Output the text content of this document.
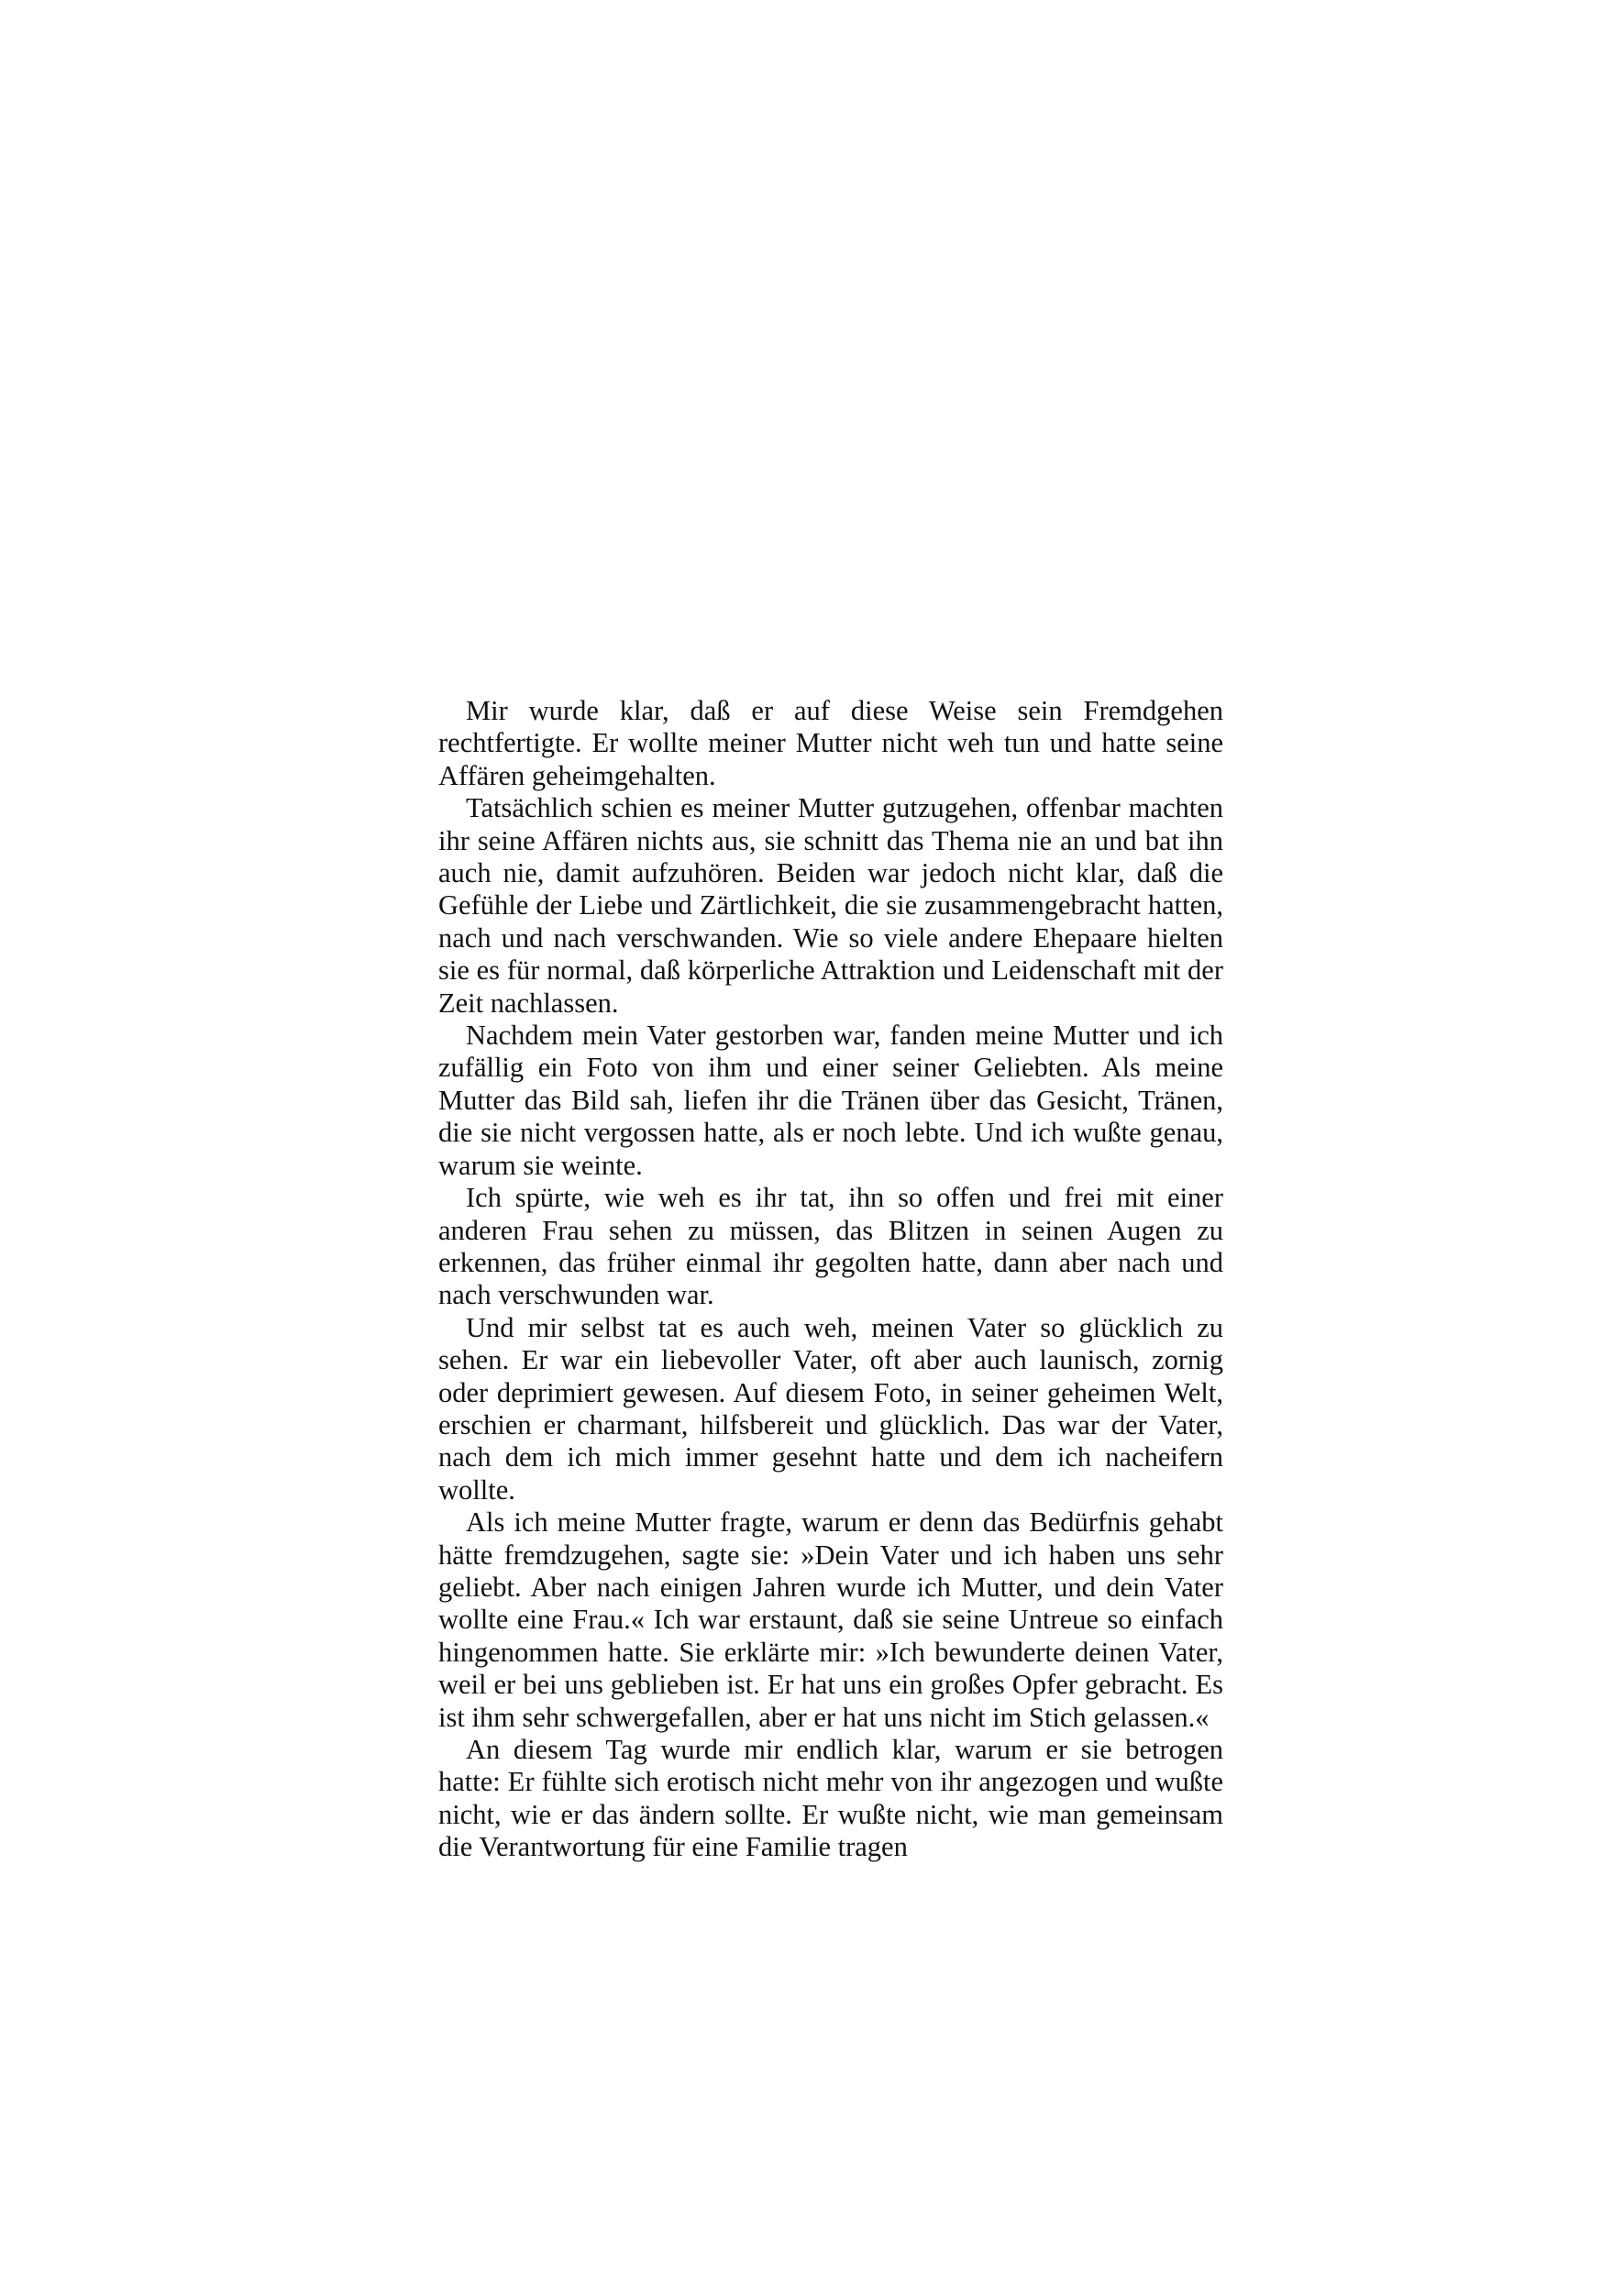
Mir wurde klar, daß er auf diese Weise sein Fremdgehen rechtfertigte. Er wollte meiner Mutter nicht weh tun und hatte seine Affären geheimgehalten.

Tatsächlich schien es meiner Mutter gutzugehen, offenbar machten ihr seine Affären nichts aus, sie schnitt das Thema nie an und bat ihn auch nie, damit aufzuhören. Beiden war jedoch nicht klar, daß die Gefühle der Liebe und Zärtlichkeit, die sie zusammengebracht hatten, nach und nach verschwanden. Wie so viele andere Ehepaare hielten sie es für normal, daß körperliche Attraktion und Leidenschaft mit der Zeit nachlassen.

Nachdem mein Vater gestorben war, fanden meine Mutter und ich zufällig ein Foto von ihm und einer seiner Geliebten. Als meine Mutter das Bild sah, liefen ihr die Tränen über das Gesicht, Tränen, die sie nicht vergossen hatte, als er noch lebte. Und ich wußte genau, warum sie weinte.

Ich spürte, wie weh es ihr tat, ihn so offen und frei mit einer anderen Frau sehen zu müssen, das Blitzen in seinen Augen zu erkennen, das früher einmal ihr gegolten hatte, dann aber nach und nach verschwunden war.

Und mir selbst tat es auch weh, meinen Vater so glücklich zu sehen. Er war ein liebevoller Vater, oft aber auch launisch, zornig oder deprimiert gewesen. Auf diesem Foto, in seiner geheimen Welt, erschien er charmant, hilfsbereit und glücklich. Das war der Vater, nach dem ich mich immer gesehnt hatte und dem ich nacheifern wollte.

Als ich meine Mutter fragte, warum er denn das Bedürfnis gehabt hätte fremdzugehen, sagte sie: »Dein Vater und ich haben uns sehr geliebt. Aber nach einigen Jahren wurde ich Mutter, und dein Vater wollte eine Frau.« Ich war erstaunt, daß sie seine Untreue so einfach hingenommen hatte. Sie erklärte mir: »Ich bewunderte deinen Vater, weil er bei uns geblieben ist. Er hat uns ein großes Opfer gebracht. Es ist ihm sehr schwergefallen, aber er hat uns nicht im Stich gelassen.«

An diesem Tag wurde mir endlich klar, warum er sie betrogen hatte: Er fühlte sich erotisch nicht mehr von ihr angezogen und wußte nicht, wie er das ändern sollte. Er wußte nicht, wie man gemeinsam die Verantwortung für eine Familie tragen
